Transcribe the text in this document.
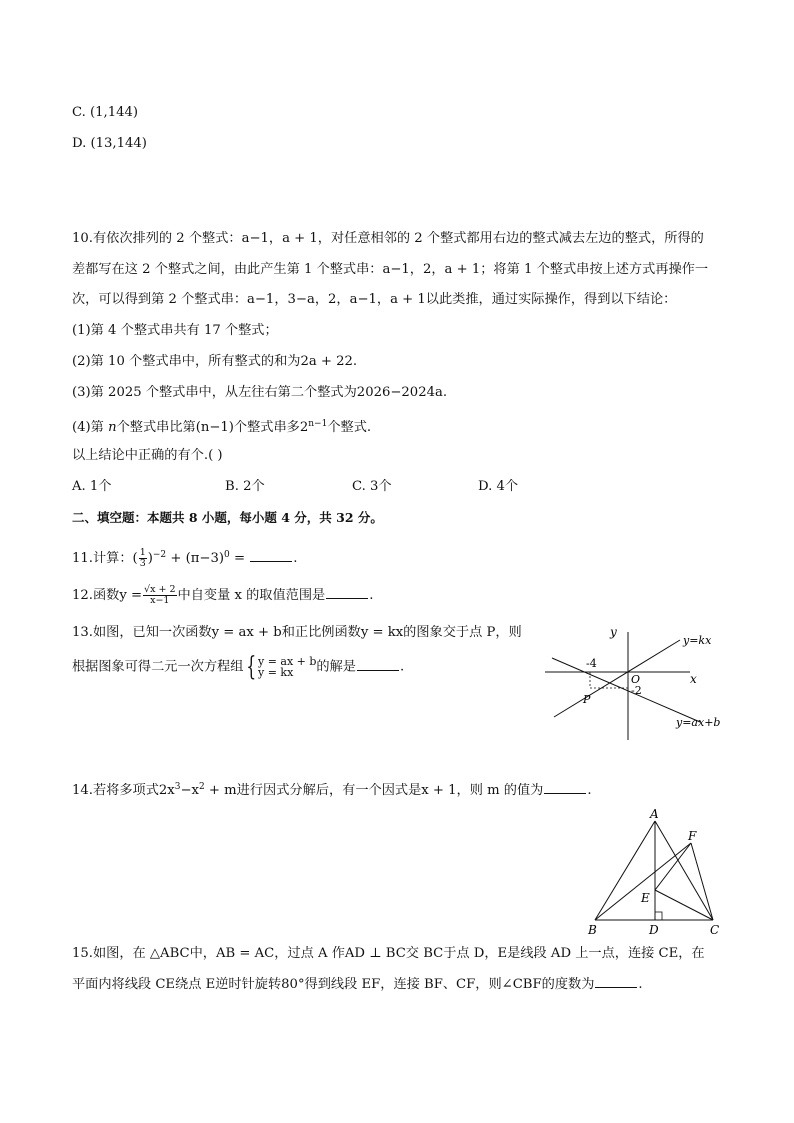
C. (1,144)
D. (13,144)
10.有依次排列的 2 个整式：a−1，a + 1，对任意相邻的 2 个整式都用右边的整式减去左边的整式，所得的
差都写在这 2 个整式之间，由此产生第 1 个整式串：a−1，2，a + 1；将第 1 个整式串按上述方式再操作一
次，可以得到第 2 个整式串：a−1，3−a，2，a−1，a + 1以此类推，通过实际操作，得到以下结论：
(1)第 4 个整式串共有 17 个整式；
(2)第 10 个整式串中，所有整式的和为2a + 22.
(3)第 2025 个整式串中，从左往右第二个整式为2026−2024a.
(4)第 n个整式串比第(n−1)个整式串多$2^{n-1}$个整式.
以上结论中正确的有个.( )
A. 1个	B. 2个	C. 3个	D. 4个
二、填空题：本题共 8 小题，每小题 4 分，共 32 分。
11.计算：( $\frac{1}{3} )^{-2} + (\pi-3)^0$ =	.
12.函数$y = \frac{√x + 2}{x-1}$ 中自变量 x 的取值范围是	.
13.如图，已知一次函数y = ax + b和正比例函数y = kx的图象交于点 P，则
根据图象可得二元一次方程组 { y = ax + b
y = kx	的解是	.
y
x
O
-4
-2
P
y=kx
y=ax+b
14.若将多项式$2x^3-x^2 + m$进行因式分解后，有一个因式是x + 1，则 m 的值为	.
A
B	C
D
E
F
15.如图，在 △ABC中，AB = AC，过点 A 作AD ⊥ BC交 BC于点 D，E是线段 AD 上一点，连接 CE，在
平面内将线段 CE绕点 E逆时针旋转80°得到线段 EF，连接 BF、CF，则∠CBF的度数为	.
